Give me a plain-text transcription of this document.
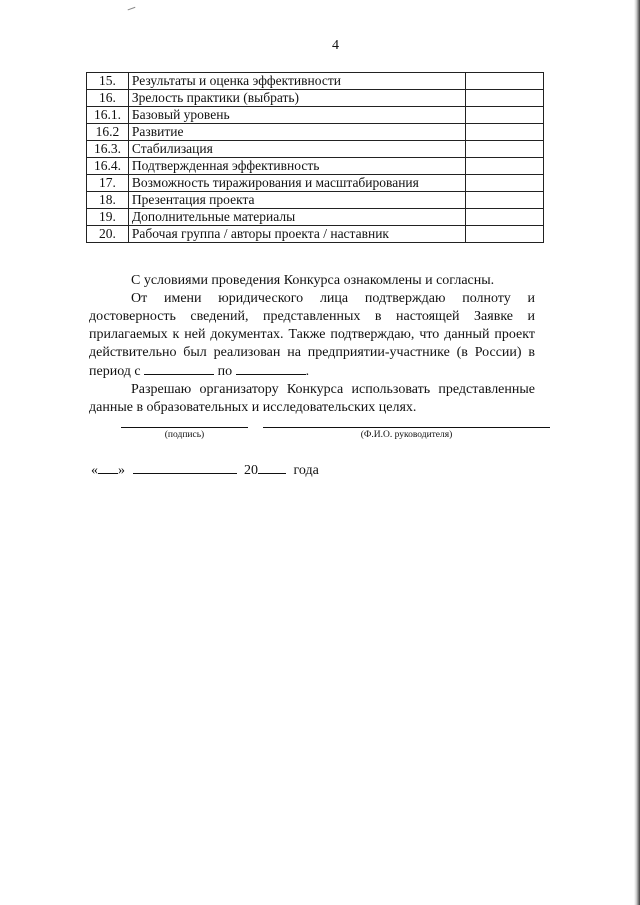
4
15.	Результаты и оценка эффективности	
16.	Зрелость практики (выбрать)	
16.1.	Базовый уровень	
16.2	Развитие	
16.3.	Стабилизация	
16.4.	Подтвержденная эффективность	
17.	Возможность тиражирования и масштабирования	
18.	Презентация проекта	
19.	Дополнительные материалы	
20.	Рабочая группа / авторы проекта / наставник	

С условиями проведения Конкурса ознакомлены и согласны.

От имени юридического лица подтверждаю полноту и достоверность сведений, представленных в настоящей Заявке и прилагаемых к ней документах. Также подтверждаю, что данный проект действительно был реализован на предприятии-участнике (в России) в период с	по	.

Разрешаю организатору Конкурса использовать представленные данные в образовательных и исследовательских целях.

(подпись)	(Ф.И.О. руководителя)
« »	20	года
